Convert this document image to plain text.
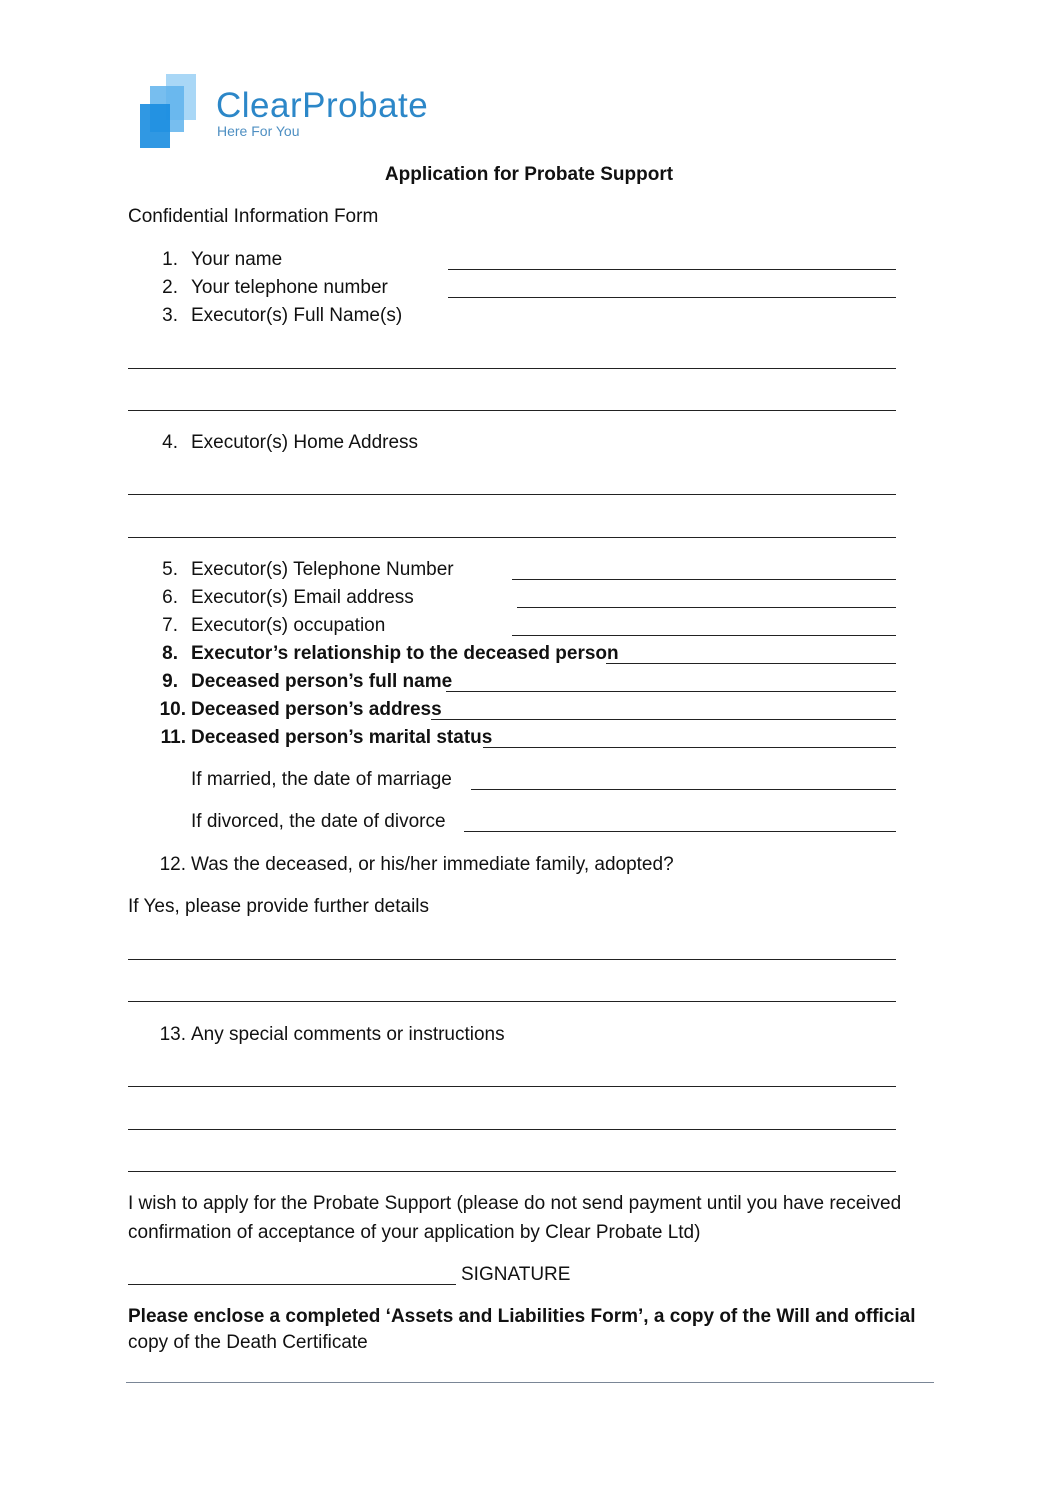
ClearProbate
Here For You
Application for Probate Support
Confidential Information Form
1. Your name
2. Your telephone number
3. Executor(s) Full Name(s)
4. Executor(s) Home Address
5. Executor(s) Telephone Number
6. Executor(s) Email address
7. Executor(s) occupation
8. Executor’s relationship to the deceased person
9. Deceased person’s full name
10. Deceased person’s address
11. Deceased person’s marital status
If married, the date of marriage
If divorced, the date of divorce
12. Was the deceased, or his/her immediate family, adopted?
If Yes, please provide further details
13. Any special comments or instructions
I wish to apply for the Probate Support (please do not send payment until you have received
confirmation of acceptance of your application by Clear Probate Ltd)
SIGNATURE
Please enclose a completed ‘Assets and Liabilities Form’, a copy of the Will and official
copy of the Death Certificate
